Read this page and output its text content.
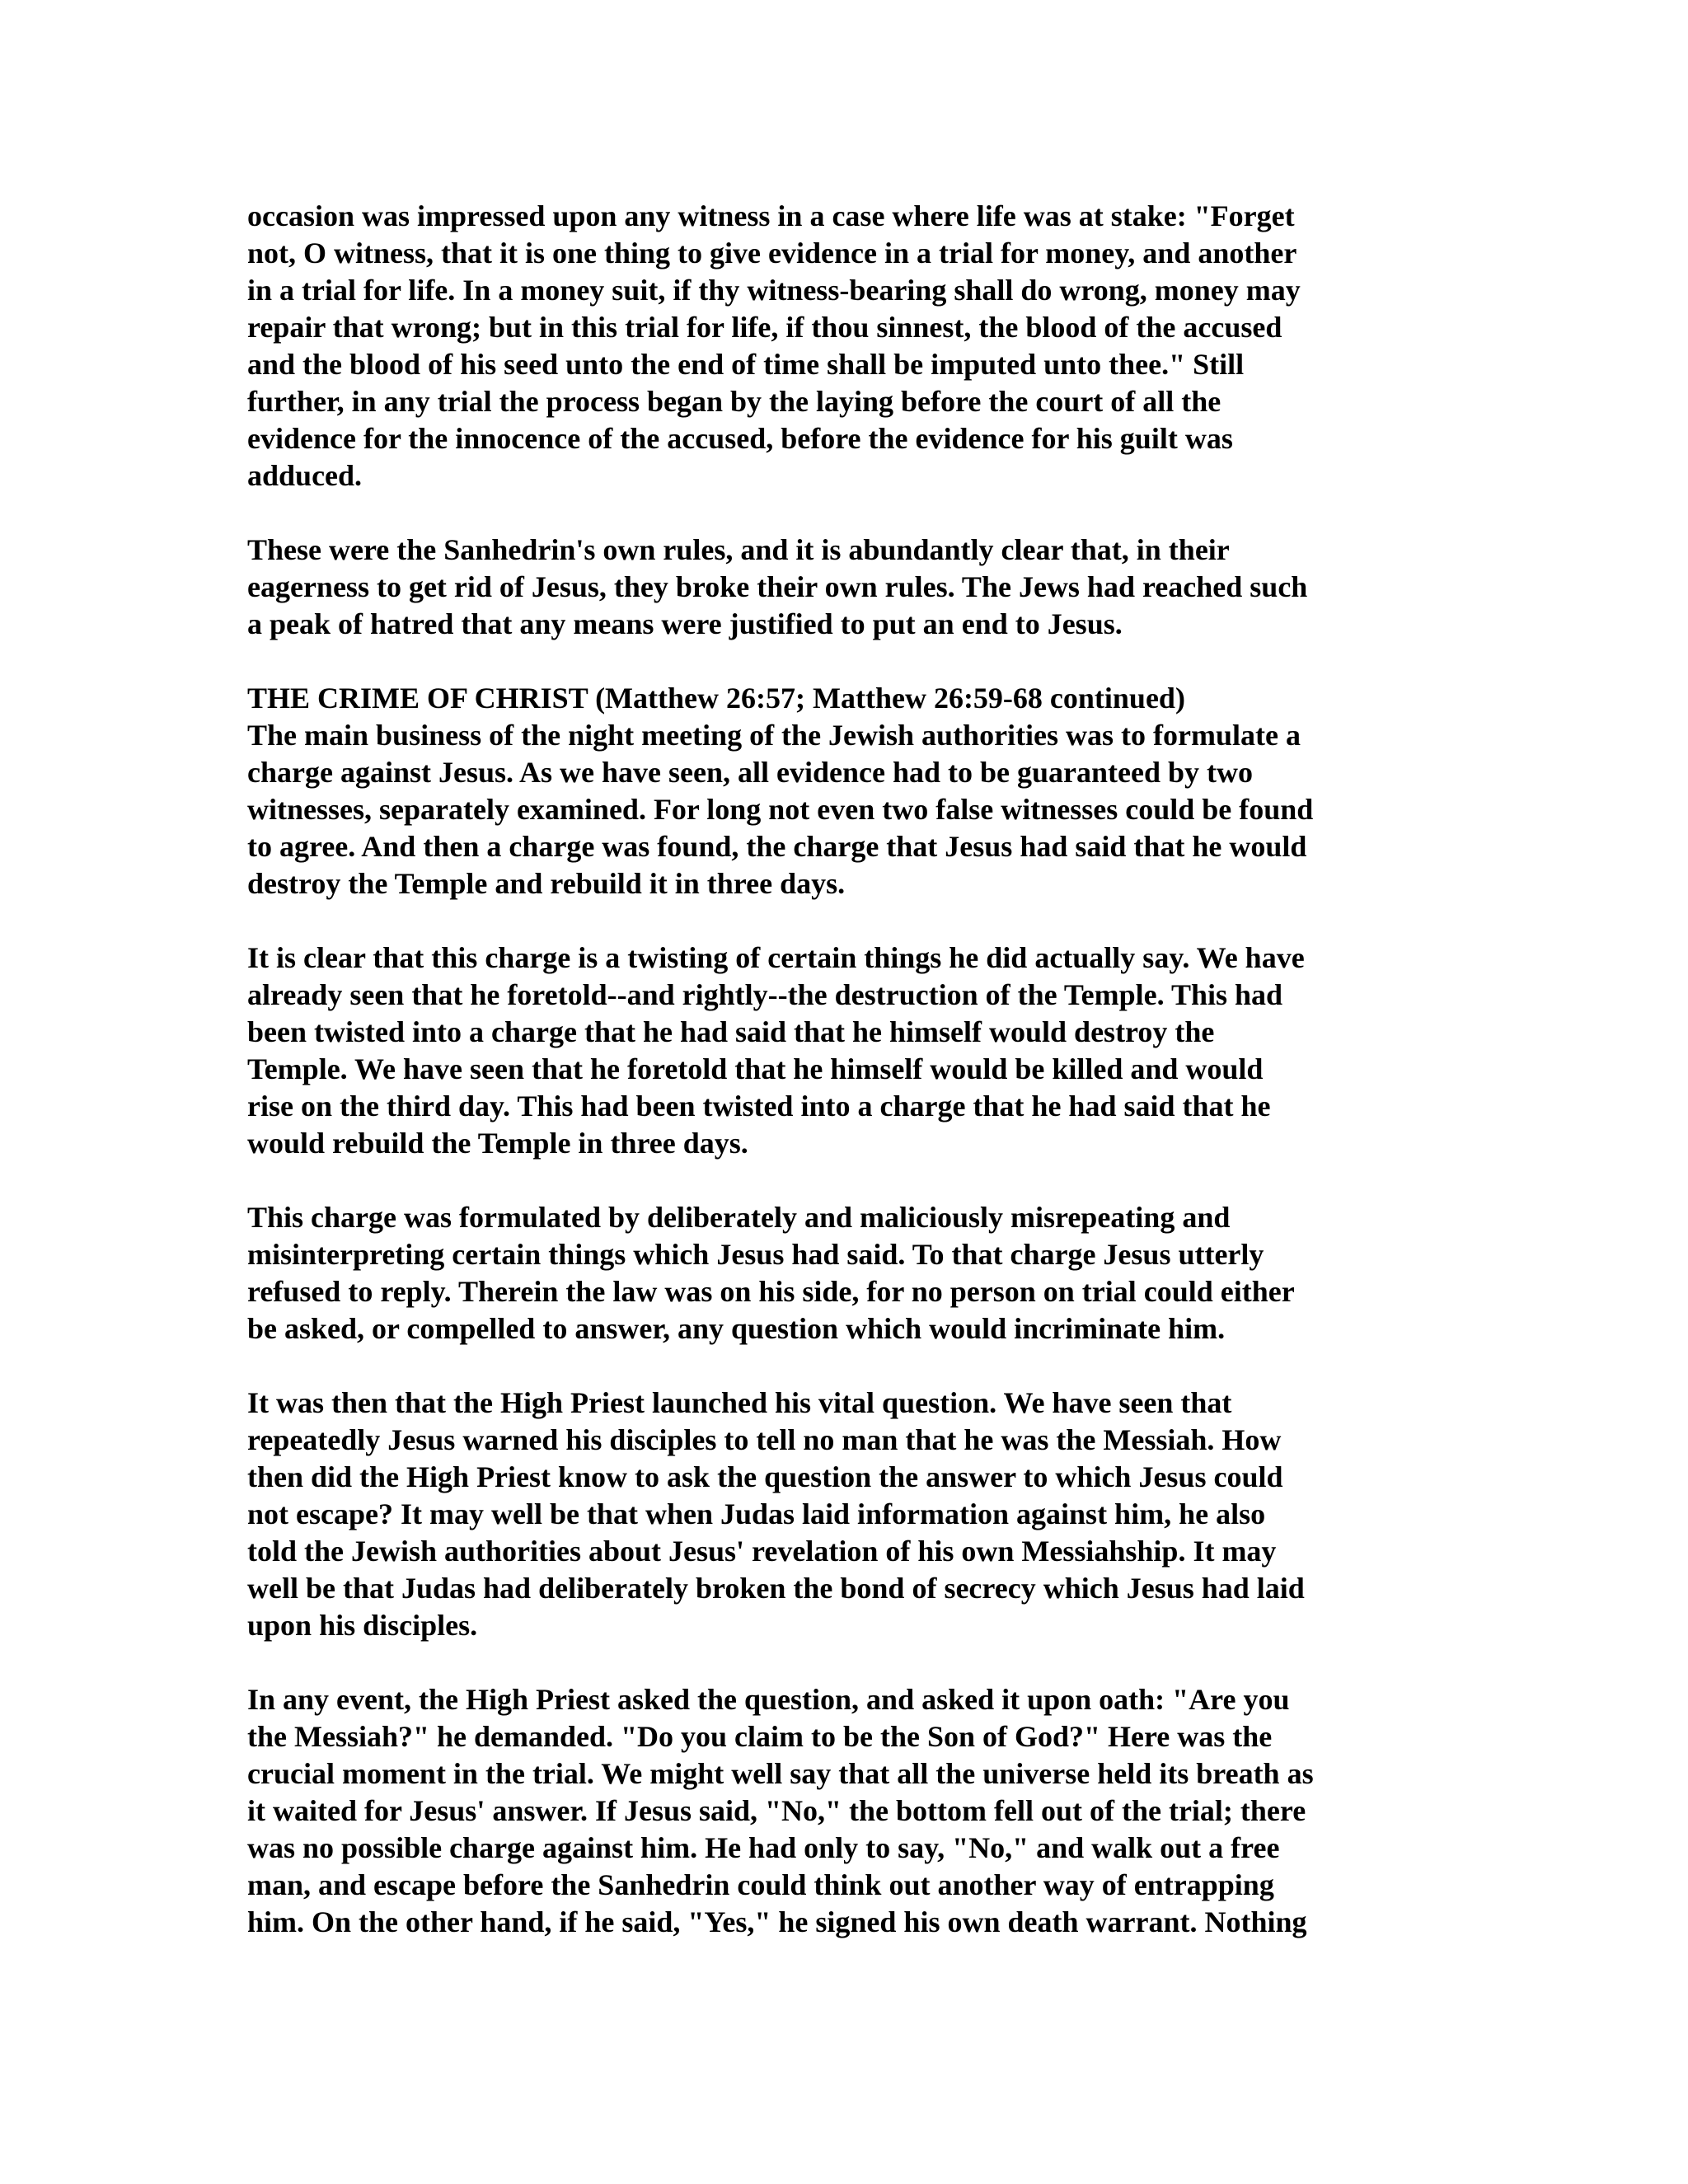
occasion was impressed upon any witness in a case where life was at stake: "Forget
not, O witness, that it is one thing to give evidence in a trial for money, and another
in a trial for life. In a money suit, if thy witness-bearing shall do wrong, money may
repair that wrong; but in this trial for life, if thou sinnest, the blood of the accused
and the blood of his seed unto the end of time shall be imputed unto thee." Still
further, in any trial the process began by the laying before the court of all the
evidence for the innocence of the accused, before the evidence for his guilt was
adduced.

These were the Sanhedrin's own rules, and it is abundantly clear that, in their
eagerness to get rid of Jesus, they broke their own rules. The Jews had reached such
a peak of hatred that any means were justified to put an end to Jesus.

THE CRIME OF CHRIST (Matthew 26:57; Matthew 26:59-68 continued)
The main business of the night meeting of the Jewish authorities was to formulate a
charge against Jesus. As we have seen, all evidence had to be guaranteed by two
witnesses, separately examined. For long not even two false witnesses could be found
to agree. And then a charge was found, the charge that Jesus had said that he would
destroy the Temple and rebuild it in three days.

It is clear that this charge is a twisting of certain things he did actually say. We have
already seen that he foretold--and rightly--the destruction of the Temple. This had
been twisted into a charge that he had said that he himself would destroy the
Temple. We have seen that he foretold that he himself would be killed and would
rise on the third day. This had been twisted into a charge that he had said that he
would rebuild the Temple in three days.

This charge was formulated by deliberately and maliciously misrepeating and
misinterpreting certain things which Jesus had said. To that charge Jesus utterly
refused to reply. Therein the law was on his side, for no person on trial could either
be asked, or compelled to answer, any question which would incriminate him.

It was then that the High Priest launched his vital question. We have seen that
repeatedly Jesus warned his disciples to tell no man that he was the Messiah. How
then did the High Priest know to ask the question the answer to which Jesus could
not escape? It may well be that when Judas laid information against him, he also
told the Jewish authorities about Jesus' revelation of his own Messiahship. It may
well be that Judas had deliberately broken the bond of secrecy which Jesus had laid
upon his disciples.

In any event, the High Priest asked the question, and asked it upon oath: "Are you
the Messiah?" he demanded. "Do you claim to be the Son of God?" Here was the
crucial moment in the trial. We might well say that all the universe held its breath as
it waited for Jesus' answer. If Jesus said, "No," the bottom fell out of the trial; there
was no possible charge against him. He had only to say, "No," and walk out a free
man, and escape before the Sanhedrin could think out another way of entrapping
him. On the other hand, if he said, "Yes," he signed his own death warrant. Nothing
